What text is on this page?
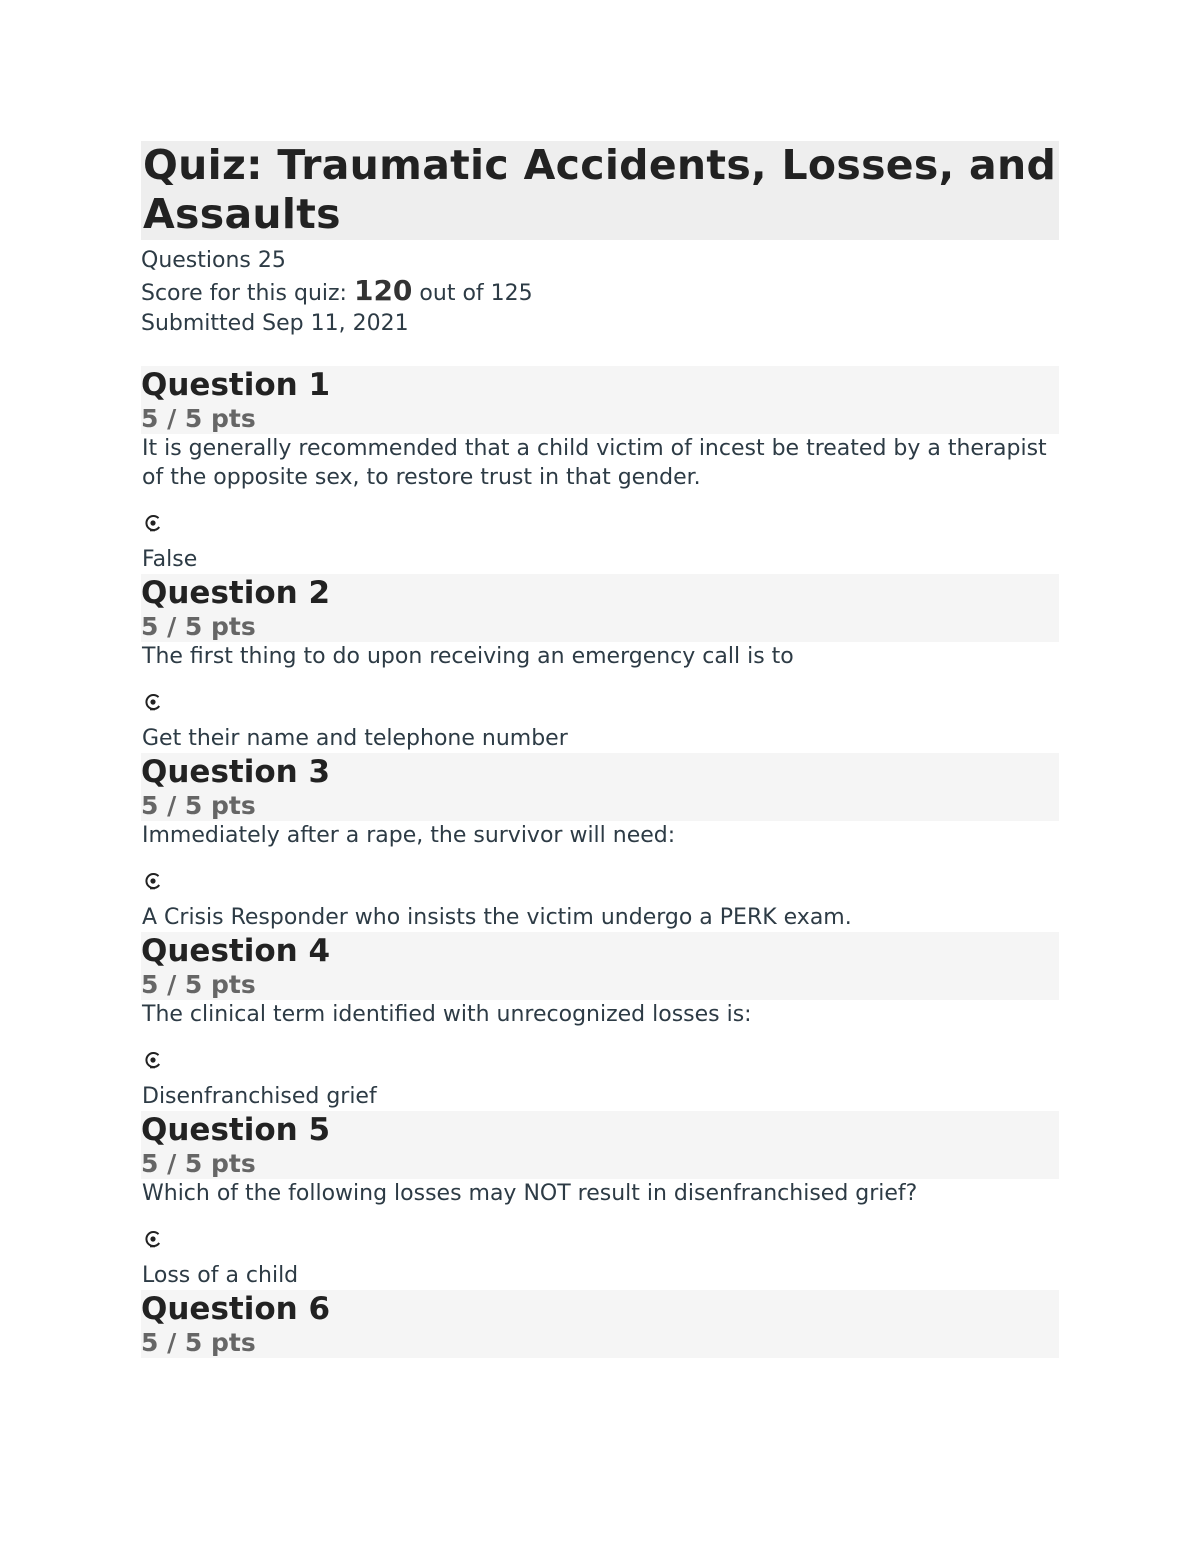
Quiz: Traumatic Accidents, Losses, and Assaults
Questions 25
Score for this quiz: 120 out of 125
Submitted Sep 11, 2021
Question 1
5 / 5 pts
It is generally recommended that a child victim of incest be treated by a therapist of the opposite sex, to restore trust in that gender.
False
Question 2
5 / 5 pts
The first thing to do upon receiving an emergency call is to
Get their name and telephone number
Question 3
5 / 5 pts
Immediately after a rape, the survivor will need:
A Crisis Responder who insists the victim undergo a PERK exam.
Question 4
5 / 5 pts
The clinical term identified with unrecognized losses is:
Disenfranchised grief
Question 5
5 / 5 pts
Which of the following losses may NOT result in disenfranchised grief?
Loss of a child
Question 6
5 / 5 pts
